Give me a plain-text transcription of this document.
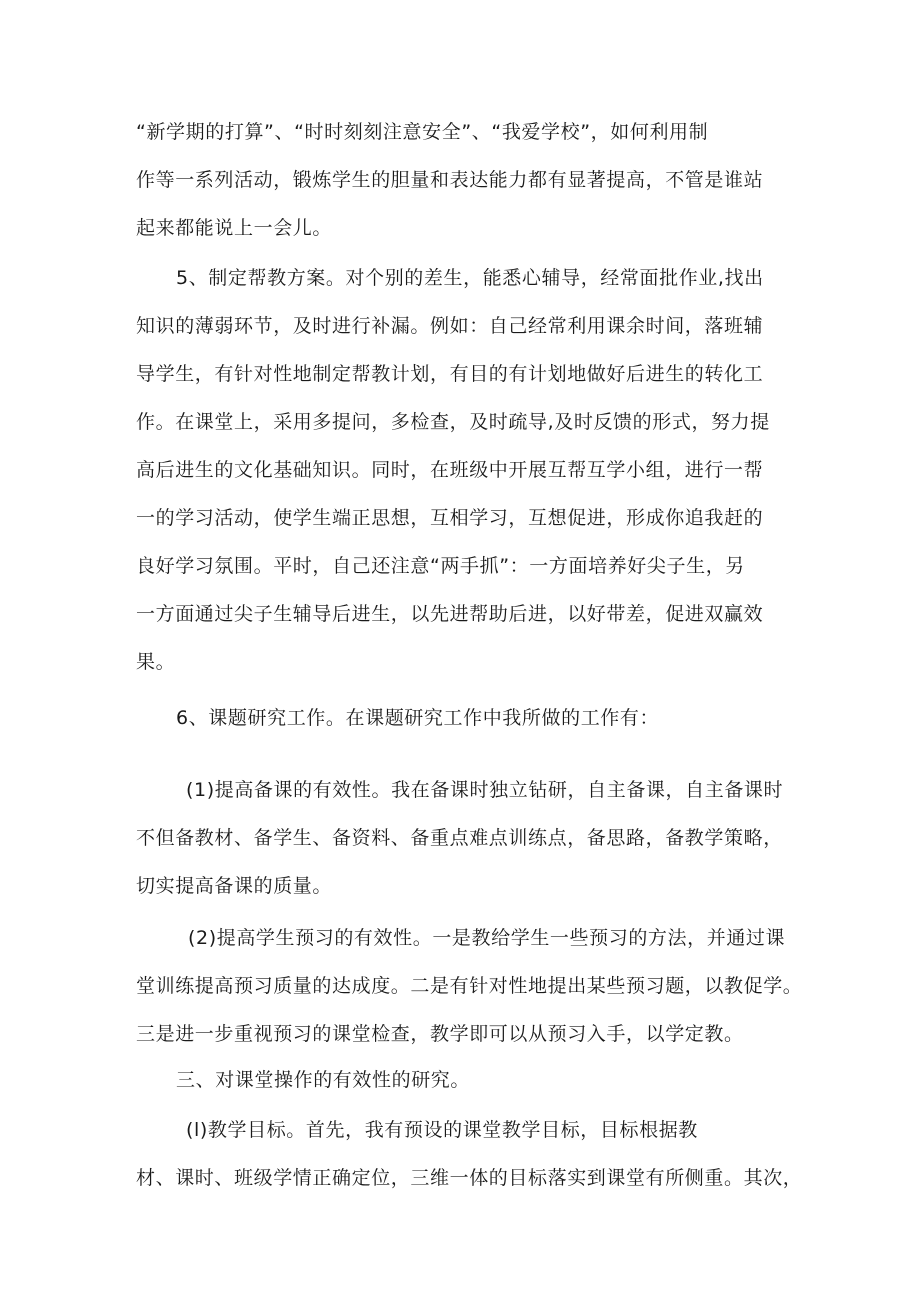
“新学期的打算”、“时时刻刻注意安全”、“我爱学校”，如何利用制

作等一系列活动，锻炼学生的胆量和表达能力都有显著提高，不管是谁站

起来都能说上一会儿。

5、制定帮教方案。对个别的差生，能悉心辅导，经常面批作业,找出

知识的薄弱环节，及时进行补漏。例如：自己经常利用课余时间，落班辅

导学生，有针对性地制定帮教计划，有目的有计划地做好后进生的转化工

作。在课堂上，采用多提问，多检查，及时疏导,及时反馈的形式，努力提

高后进生的文化基础知识。同时，在班级中开展互帮互学小组，进行一帮

一的学习活动，使学生端正思想，互相学习，互想促进，形成你追我赶的

良好学习氛围。平时，自己还注意“两手抓”：一方面培养好尖子生，另

一方面通过尖子生辅导后进生，以先进帮助后进，以好带差，促进双赢效

果。

6、课题研究工作。在课题研究工作中我所做的工作有：

(1)提高备课的有效性。我在备课时独立钻研，自主备课，自主备课时

不但备教材、备学生、备资料、备重点难点训练点，备思路，备教学策略，

切实提高备课的质量。

(2)提高学生预习的有效性。一是教给学生一些预习的方法，并通过课

堂训练提高预习质量的达成度。二是有针对性地提出某些预习题，以教促学。

三是进一步重视预习的课堂检查，教学即可以从预习入手，以学定教。

三、对课堂操作的有效性的研究。

(l)教学目标。首先，我有预设的课堂教学目标，目标根据教

材、课时、班级学情正确定位，三维一体的目标落实到课堂有所侧重。其次，
